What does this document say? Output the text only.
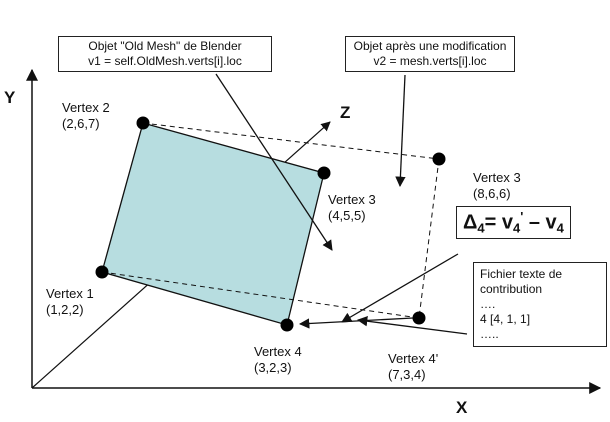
Y
X
Z
Vertex 2
(2,6,7)
Vertex 1
(1,2,2)
Vertex 3
(4,5,5)
Vertex 4
(3,2,3)
Vertex 3
(8,6,6)
Vertex 4'
(7,3,4)
Objet "Old Mesh" de Blender
v1 = self.OldMesh.verts[i].loc
Objet après une modification
v2 = mesh.verts[i].loc
Fichier texte de
contribution
….
4 [4, 1, 1]
…..
$\Delta_4= v_4' - v_4$
